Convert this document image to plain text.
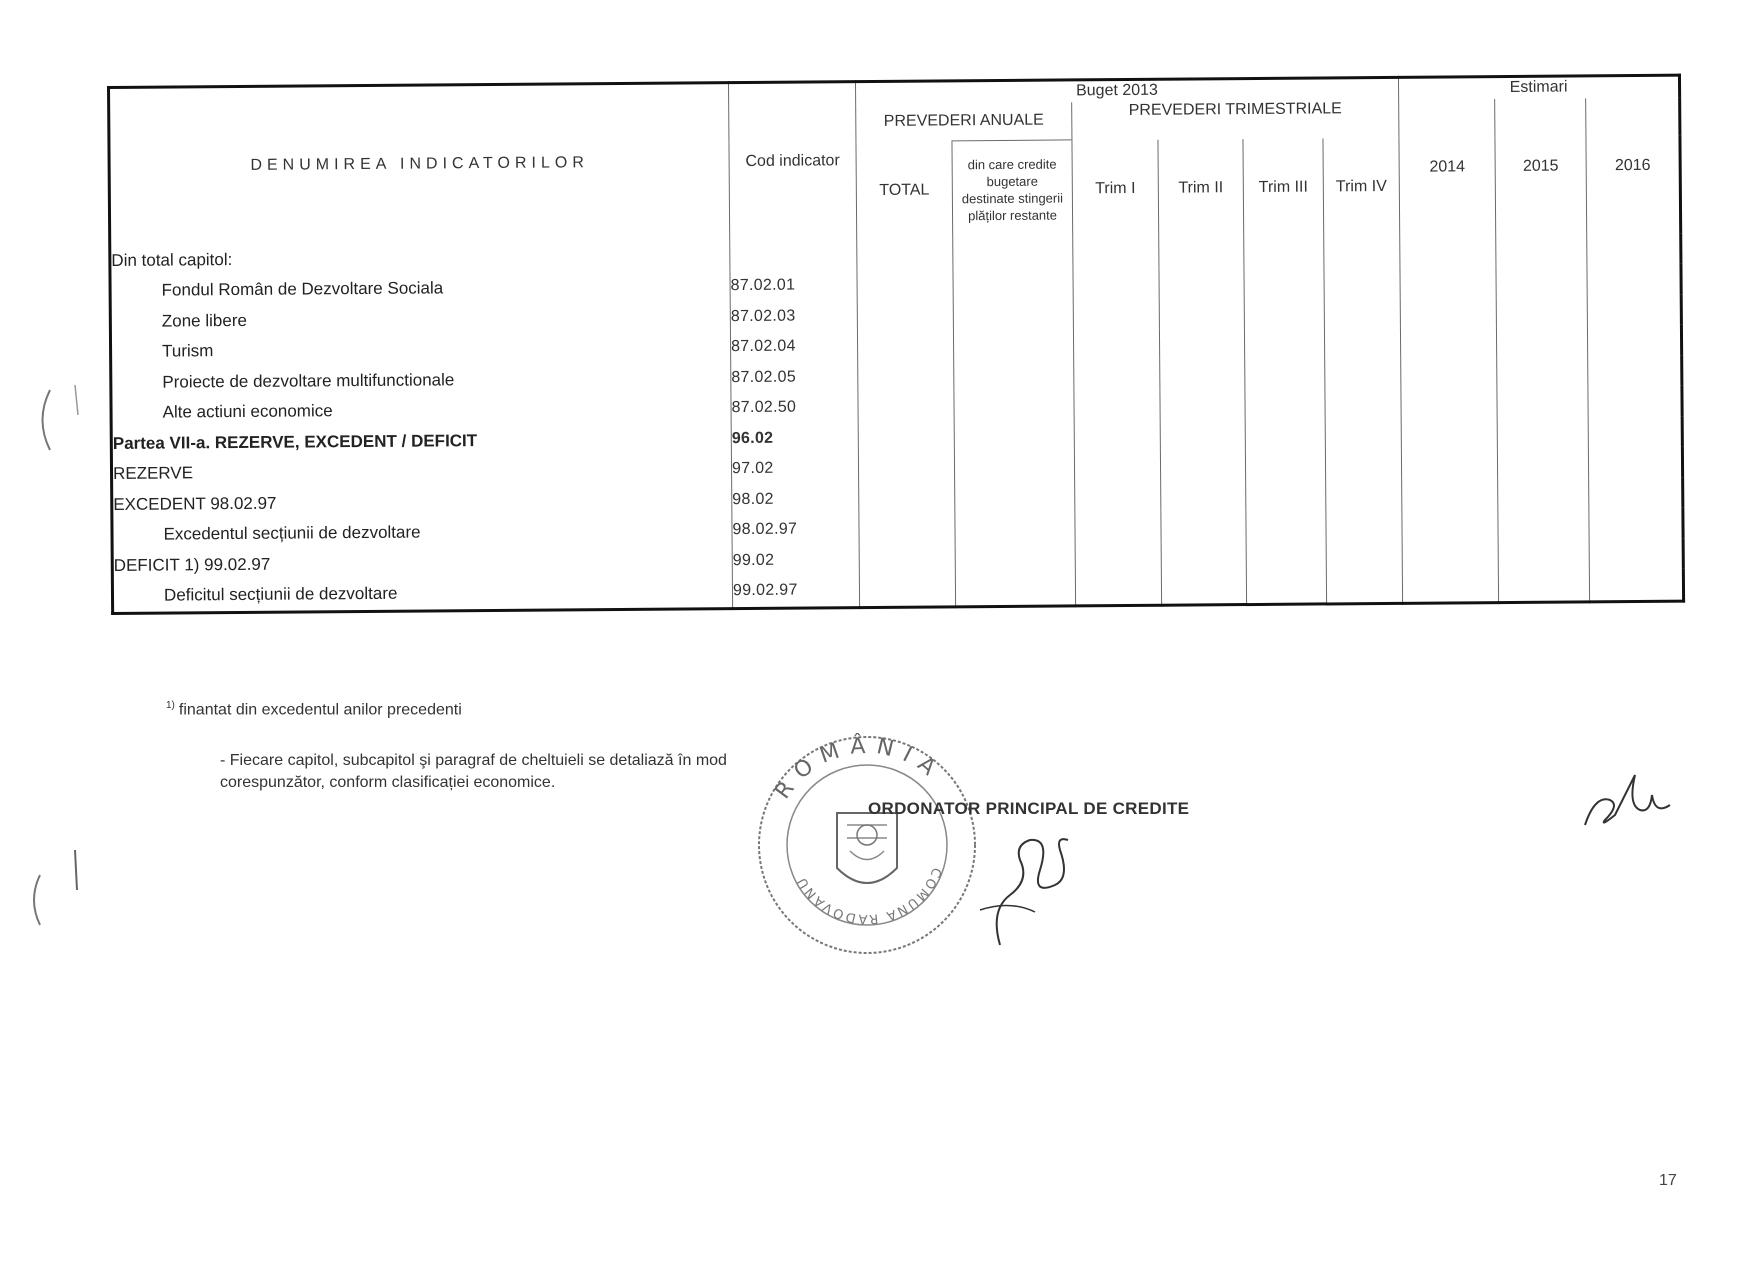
DENUMIREA INDICATORILOR	Cod indicator	Buget 2013						Estimari		
		PREVEDERI ANUALE		PREVEDERI TRIMESTRIALE				2014	2015	2016
		TOTAL	din care credite bugetare destinate stingerii plăților restante	Trim I	Trim II	Trim III	Trim IV			

Din total capitol:										
Fondul Român de Dezvoltare Sociala	87.02.01									
Zone libere	87.02.03									
Turism	87.02.04									
Proiecte de dezvoltare multifunctionale	87.02.05									
Alte actiuni economice	87.02.50									
Partea VII-a. REZERVE, EXCEDENT / DEFICIT	96.02									
REZERVE	97.02									
EXCEDENT 98.02.97	98.02									
Excedentul secțiunii de dezvoltare	98.02.97									
DEFICIT 1) 99.02.97	99.02									
Deficitul secțiunii de dezvoltare	99.02.97									
$^{1)}$ finantat din excedentul anilor precedenti
- Fiecare capitol, subcapitol şi paragraf de cheltuieli se detaliază în mod corespunzător, conform clasificației economice.	ROMÂNIA
COMUNA RADOVANU
ORDONATOR PRINCIPAL DE CREDITE
17
